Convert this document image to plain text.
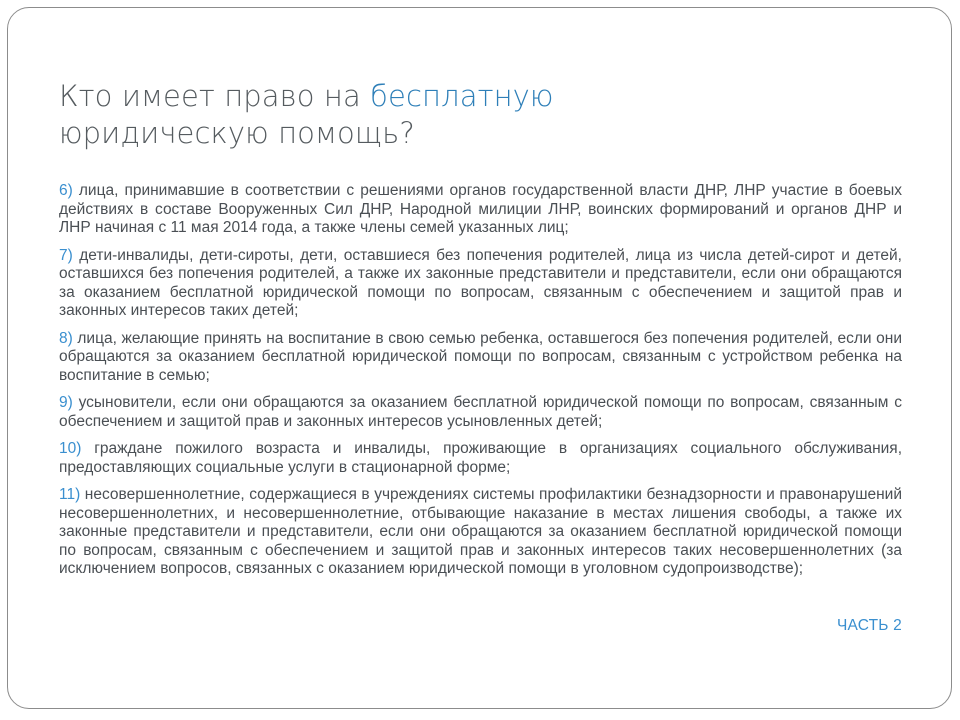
Кто имеет право на бесплатную
юридическую помощь?

6) лица, принимавшие в соответствии с решениями органов государственной власти ДНР, ЛНР участие в боевых действиях в составе Вооруженных Сил ДНР, Народной милиции ЛНР, воинских формирований и органов ДНР и ЛНР начиная с 11 мая 2014 года, а также члены семей указанных лиц;

7) дети-инвалиды, дети-сироты, дети, оставшиеся без попечения родителей, лица из числа детей-сирот и детей, оставшихся без попечения родителей, а также их законные представители и представители, если они обращаются за оказанием бесплатной юридической помощи по вопросам, связанным с обеспечением и защитой прав и законных интересов таких детей;

8) лица, желающие принять на воспитание в свою семью ребенка, оставшегося без попечения родителей, если они обращаются за оказанием бесплатной юридической помощи по вопросам, связанным с устройством ребенка на воспитание в семью;

9) усыновители, если они обращаются за оказанием бесплатной юридической помощи по вопросам, связанным с обеспечением и защитой прав и законных интересов усыновленных детей;

10) граждане пожилого возраста и инвалиды, проживающие в организациях социального обслуживания, предоставляющих социальные услуги в стационарной форме;

11) несовершеннолетние, содержащиеся в учреждениях системы профилактики безнадзорности и правонарушений несовершеннолетних, и несовершеннолетние, отбывающие наказание в местах лишения свободы, а также их законные представители и представители, если они обращаются за оказанием бесплатной юридической помощи по вопросам, связанным с обеспечением и защитой прав и законных интересов таких несовершеннолетних (за исключением вопросов, связанных с оказанием юридической помощи в уголовном судопроизводстве);

ЧАСТЬ 2
